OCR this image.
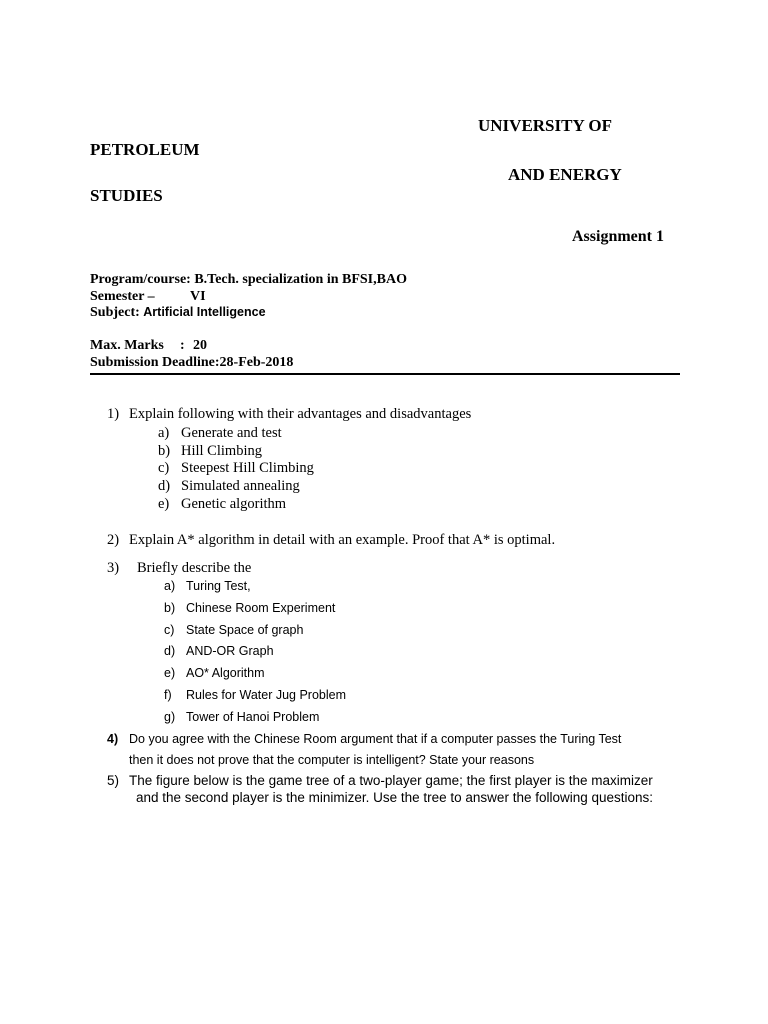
UNIVERSITY OF
PETROLEUM
AND ENERGY
STUDIES
Assignment 1
Program/course: B.Tech. specialization in BFSI,BAO
Semester –	VI
Subject: Artificial Intelligence
Max. Marks : 20
Submission Deadline:28-Feb-2018
1) Explain following with their advantages and disadvantages
a) Generate and test
b) Hill Climbing
c) Steepest Hill Climbing
d) Simulated annealing
e) Genetic algorithm
2) Explain A* algorithm in detail with an example. Proof that A* is optimal.
3) Briefly describe the
a) Turing Test,
b) Chinese Room Experiment
c) State Space of graph
d) AND-OR Graph
e) AO* Algorithm
f) Rules for Water Jug Problem
g) Tower of Hanoi Problem
4) Do you agree with the Chinese Room argument that if a computer passes the Turing Test
then it does not prove that the computer is intelligent? State your reasons
5) The figure below is the game tree of a two-player game; the first player is the maximizer
and the second player is the minimizer. Use the tree to answer the following questions:
